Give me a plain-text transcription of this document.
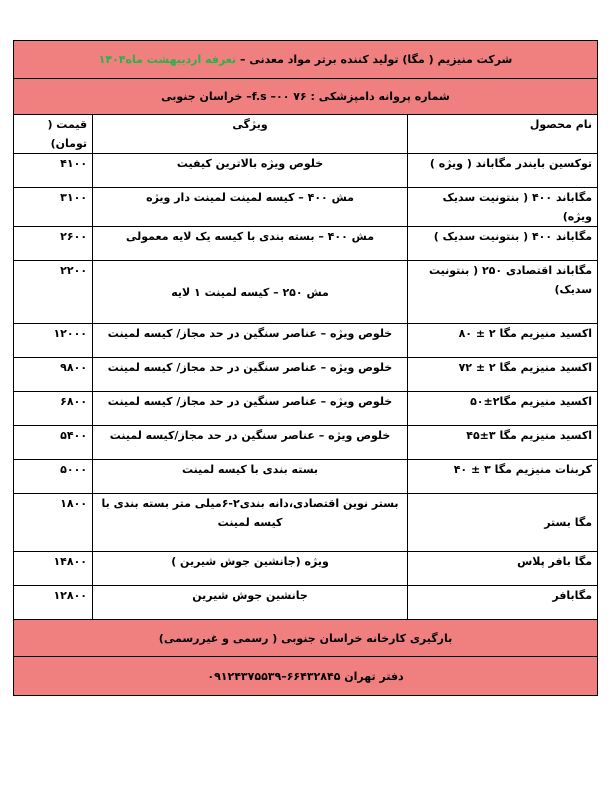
شرکت منیزیم ( مگا) تولید کننده برتر مواد معدنی – تعرفه اردیبهشت ماه۱۴۰۴		
شماره پروانه دامپزشکی : ۷۶ f.s –۰۰– خراسان جنوبی		
نام محصول	ویژگی	قیمت ( تومان)
توکسین بایندر مگاباند ( ویژه )	خلوص ویژه بالاترین کیفیت	۴۱۰۰
مگاباند ۴۰۰ ( بنتونیت سدیک ویژه)	مش ۴۰۰ – کیسه لمینت لمینت دار ویژه	۳۱۰۰
مگاباند ۴۰۰ ( بنتونیت سدیک )	مش ۴۰۰ – بسته بندی با کیسه یک لایه معمولی	۲۶۰۰
مگاباند اقتصادی ۲۵۰ ( بنتونیت سدیک)	مش ۲۵۰ – کیسه لمینت ۱ لایه	۲۲۰۰
اکسید منیزیم مگا ۲ ± ۸۰	خلوص ویژه – عناصر سنگین در حد مجاز/ کیسه لمینت	۱۲۰۰۰
اکسید منیزیم مگا ۲ ± ۷۲	خلوص ویژه – عناصر سنگین در حد مجاز/ کیسه لمینت	۹۸۰۰
اکسید منیزیم مگا۲±۵۰	خلوص ویژه – عناصر سنگین در حد مجاز/ کیسه لمینت	۶۸۰۰
اکسید منیزیم مگا ۳±۴۵	خلوص ویژه – عناصر سنگین در حد مجاز/کیسه لمینت	۵۴۰۰
کربنات منیزیم مگا ۳ ± ۴۰	بسته بندی با کیسه لمینت	۵۰۰۰
مگا بستر	بستر نوین اقتصادی،دانه بندی۲-۶میلی متر بسته بندی با کیسه لمینت	۱۸۰۰
مگا بافر پلاس	ویژه (جانشین جوش شیرین )	۱۴۸۰۰
مگابافر	جانشین جوش شیرین	۱۲۸۰۰
بارگیری کارخانه خراسان جنوبی ( رسمی و غیررسمی)		
دفتر تهران ۶۶۴۳۲۸۴۵–۰۹۱۲۴۳۷۵۵۳۹		
